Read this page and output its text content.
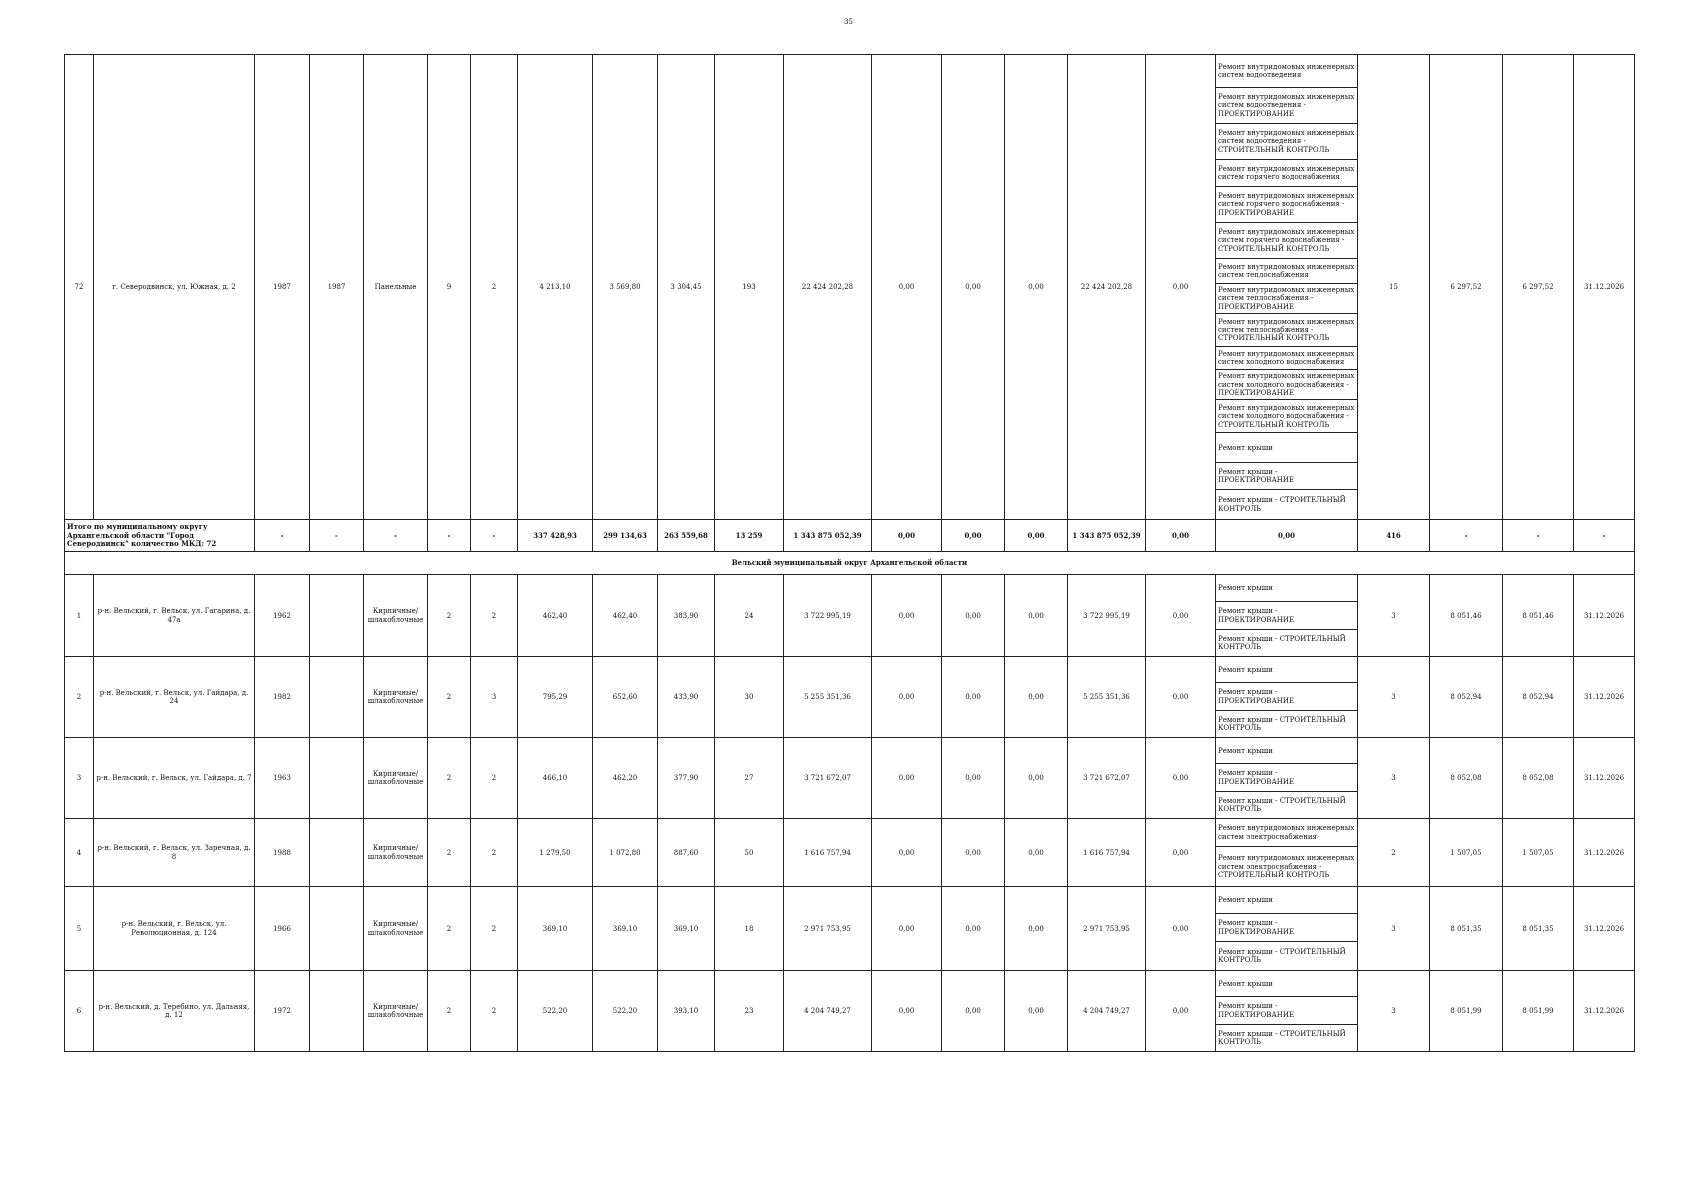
35
72	г. Северодвинск, ул. Южная, д. 2	1987	1987	Панельные	9	2	4 213,10	3 569,80	3 304,45	193	22 424 202,28	0,00	0,00	0,00	22 424 202,28	0,00	Ремонт внутридомовых инженерных систем водоотведения	15	6 297,52	6 297,52	31.12.2026	
																	Ремонт внутридомовых инженерных систем водоотведения - ПРОЕКТИРОВАНИЕ					
																	Ремонт внутридомовых инженерных систем водоотведения - СТРОИТЕЛЬНЫЙ КОНТРОЛЬ					
																	Ремонт внутридомовых инженерных систем горячего водоснабжения					
																	Ремонт внутридомовых инженерных систем горячего водоснабжения - ПРОЕКТИРОВАНИЕ					
																	Ремонт внутридомовых инженерных систем горячего водоснабжения - СТРОИТЕЛЬНЫЙ КОНТРОЛЬ					
																	Ремонт внутридомовых инженерных систем теплоснабжения					
																	Ремонт внутридомовых инженерных систем теплоснабжения - ПРОЕКТИРОВАНИЕ					
																	Ремонт внутридомовых инженерных систем теплоснабжения - СТРОИТЕЛЬНЫЙ КОНТРОЛЬ					
																	Ремонт внутридомовых инженерных систем холодного водоснабжения					
																	Ремонт внутридомовых инженерных систем холодного водоснабжения - ПРОЕКТИРОВАНИЕ					
																	Ремонт внутридомовых инженерных систем холодного водоснабжения - СТРОИТЕЛЬНЫЙ КОНТРОЛЬ					
																	Ремонт крыши					
																	Ремонт крыши - ПРОЕКТИРОВАНИЕ					
																	Ремонт крыши - СТРОИТЕЛЬНЫЙ КОНТРОЛЬ					
Итого по муниципальному округу Архангельской области "Город Северодвинск" количество МКД: 72		-	-	-	-	-	337 428,93	299 134,63	263 559,68	13 259	1 343 875 052,39	0,00	0,00	0,00	1 343 875 052,39	0,00	0,00	416	-	-	-	
Вельский муниципальный округ Архангельской области																						
1	р-н. Вельский, г. Вельск, ул. Гагарина, д. 47а	1962		Кирпичные/ шлакоблочные	2	2	462,40	462,40	383,90	24	3 722 995,19	0,00	0,00	0,00	3 722 995,19	0,00	Ремонт крыши	3	8 051,46	8 051,46	31.12.2026	
																	Ремонт крыши - ПРОЕКТИРОВАНИЕ					
																	Ремонт крыши - СТРОИТЕЛЬНЫЙ КОНТРОЛЬ					
2	р-н. Вельский, г. Вельск, ул. Гайдара, д. 24	1982		Кирпичные/ шлакоблочные	2	3	795,29	652,60	433,90	30	5 255 351,36	0,00	0,00	0,00	5 255 351,36	0,00	Ремонт крыши	3	8 052,94	8 052,94	31.12.2026	
																	Ремонт крыши - ПРОЕКТИРОВАНИЕ					
																	Ремонт крыши - СТРОИТЕЛЬНЫЙ КОНТРОЛЬ					
3	р-н. Вельский, г. Вельск, ул. Гайдара, д. 7	1963		Кирпичные/ шлакоблочные	2	2	466,10	462,20	377,90	27	3 721 672,07	0,00	0,00	0,00	3 721 672,07	0,00	Ремонт крыши	3	8 052,08	8 052,08	31.12.2026	
																	Ремонт крыши - ПРОЕКТИРОВАНИЕ					
																	Ремонт крыши - СТРОИТЕЛЬНЫЙ КОНТРОЛЬ					
4	р-н. Вельский, г. Вельск, ул. Заречная, д. 8	1988		Кирпичные/ шлакоблочные	2	2	1 279,50	1 072,80	887,60	50	1 616 757,94	0,00	0,00	0,00	1 616 757,94	0,00	Ремонт внутридомовых инженерных систем электроснабжения	2	1 507,05	1 507,05	31.12.2026	
																	Ремонт внутридомовых инженерных систем электроснабжения - СТРОИТЕЛЬНЫЙ КОНТРОЛЬ					
5	р-н. Вельский, г. Вельск, ул. Революционная, д. 124	1966		Кирпичные/ шлакоблочные	2	2	369,10	369,10	369,10	18	2 971 753,95	0,00	0,00	0,00	2 971 753,95	0,00	Ремонт крыши	3	8 051,35	8 051,35	31.12.2026	
																	Ремонт крыши - ПРОЕКТИРОВАНИЕ					
																	Ремонт крыши - СТРОИТЕЛЬНЫЙ КОНТРОЛЬ					
6	р-н. Вельский, д. Теребино, ул. Дальняя, д. 12	1972		Кирпичные/ шлакоблочные	2	2	522,20	522,20	393,10	23	4 204 749,27	0,00	0,00	0,00	4 204 749,27	0,00	Ремонт крыши	3	8 051,99	8 051,99	31.12.2026	
																	Ремонт крыши - ПРОЕКТИРОВАНИЕ					
																	Ремонт крыши - СТРОИТЕЛЬНЫЙ КОНТРОЛЬ					
